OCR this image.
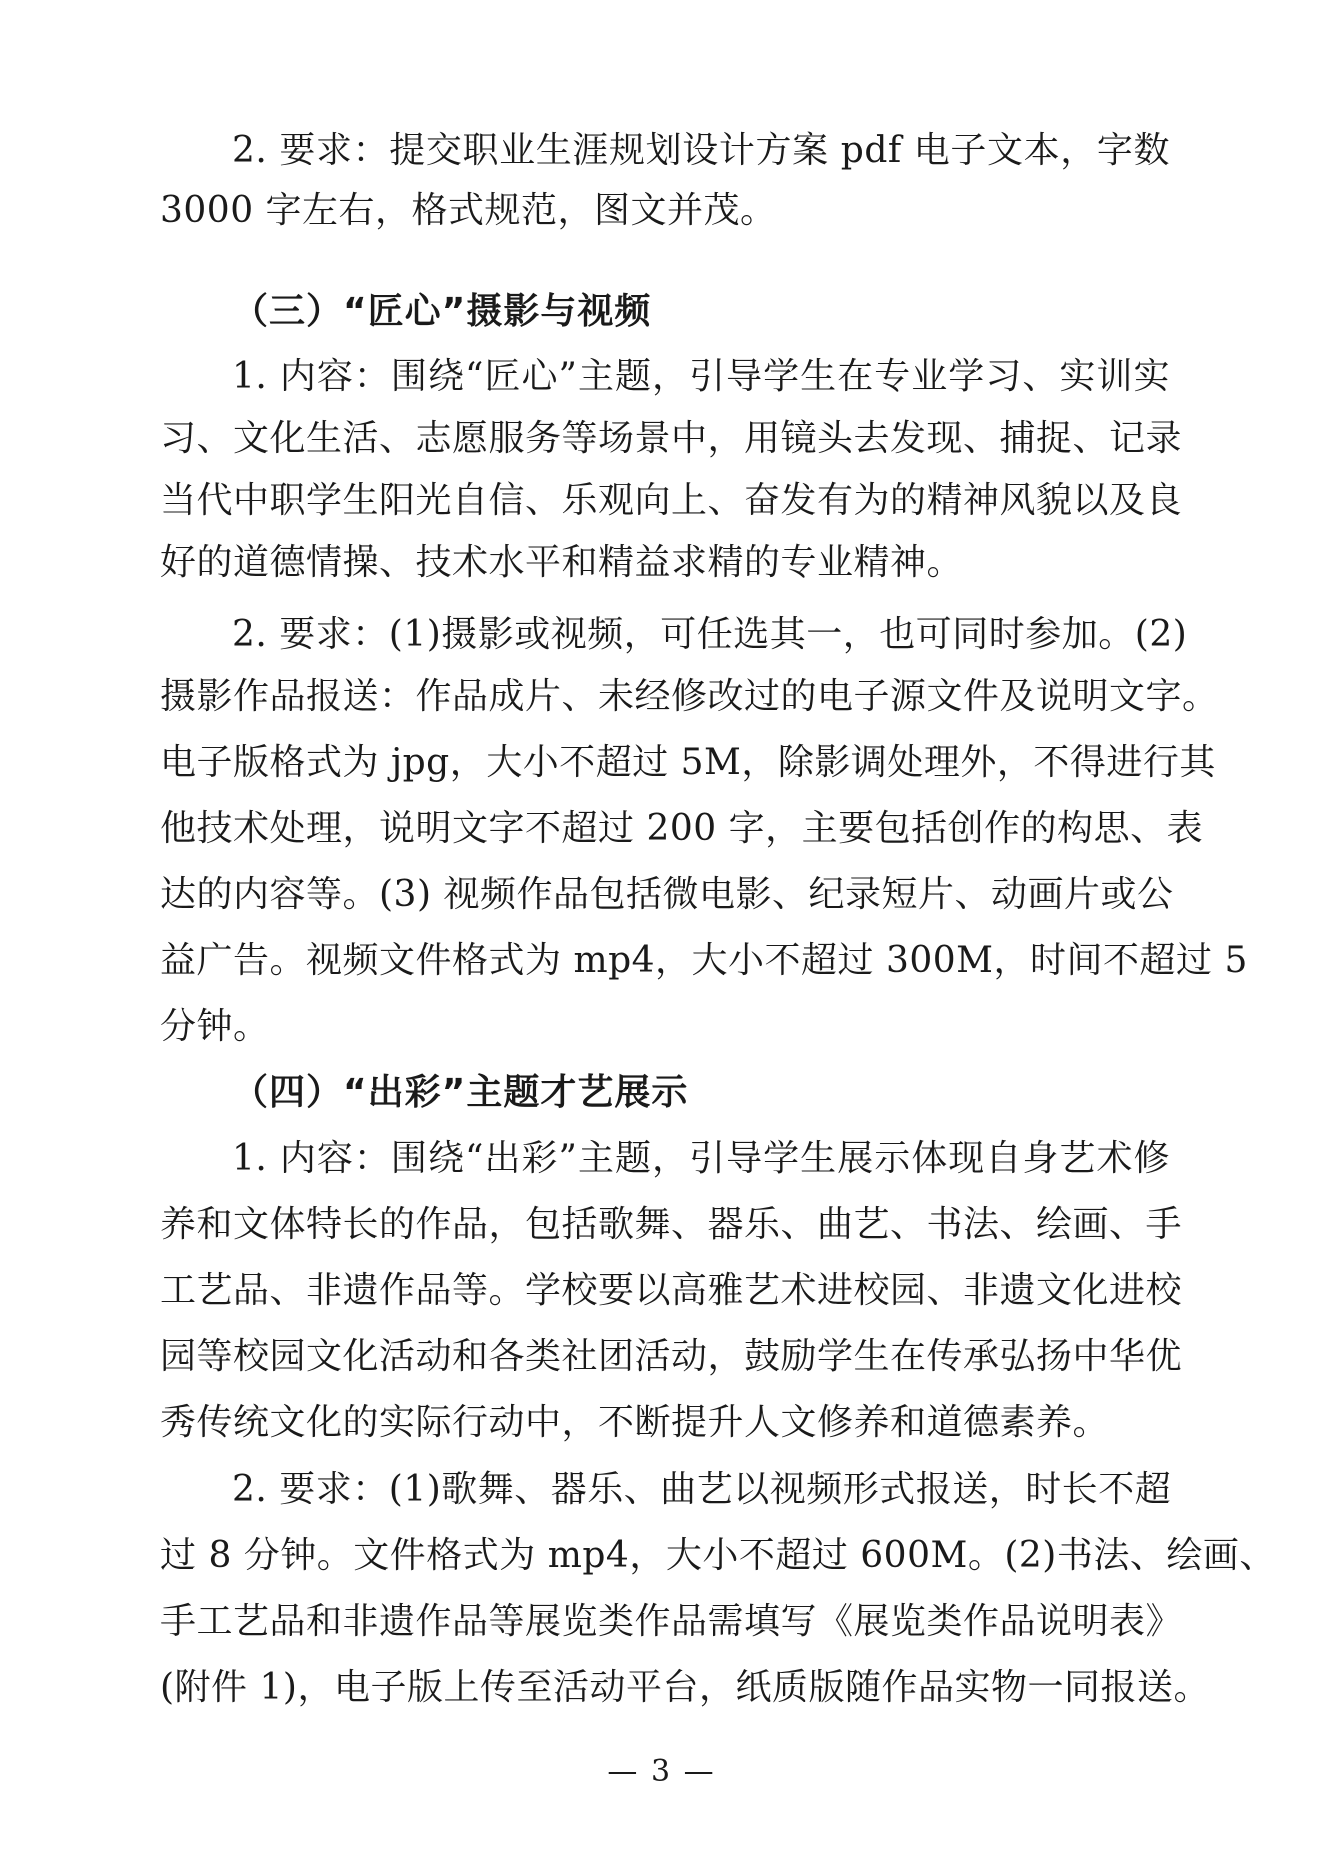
2. 要求：提交职业生涯规划设计方案 pdf 电子文本，字数
3000 字左右，格式规范，图文并茂。
（三）“匠心”摄影与视频
1. 内容：围绕“匠心”主题，引导学生在专业学习、实训实
习、文化生活、志愿服务等场景中，用镜头去发现、捕捉、记录
当代中职学生阳光自信、乐观向上、奋发有为的精神风貌以及良
好的道德情操、技术水平和精益求精的专业精神。
2. 要求：(1)摄影或视频，可任选其一，也可同时参加。(2)
摄影作品报送：作品成片、未经修改过的电子源文件及说明文字。
电子版格式为 jpg，大小不超过 5M，除影调处理外，不得进行其
他技术处理，说明文字不超过 200 字，主要包括创作的构思、表
达的内容等。(3) 视频作品包括微电影、纪录短片、动画片或公
益广告。视频文件格式为 mp4，大小不超过 300M，时间不超过 5
分钟。
（四）“出彩”主题才艺展示
1. 内容：围绕“出彩”主题，引导学生展示体现自身艺术修
养和文体特长的作品，包括歌舞、器乐、曲艺、书法、绘画、手
工艺品、非遗作品等。学校要以高雅艺术进校园、非遗文化进校
园等校园文化活动和各类社团活动，鼓励学生在传承弘扬中华优
秀传统文化的实际行动中，不断提升人文修养和道德素养。
2. 要求：(1)歌舞、器乐、曲艺以视频形式报送，时长不超
过 8 分钟。文件格式为 mp4，大小不超过 600M。(2)书法、绘画、
手工艺品和非遗作品等展览类作品需填写《展览类作品说明表》
(附件 1)，电子版上传至活动平台，纸质版随作品实物一同报送。
— 3 —
